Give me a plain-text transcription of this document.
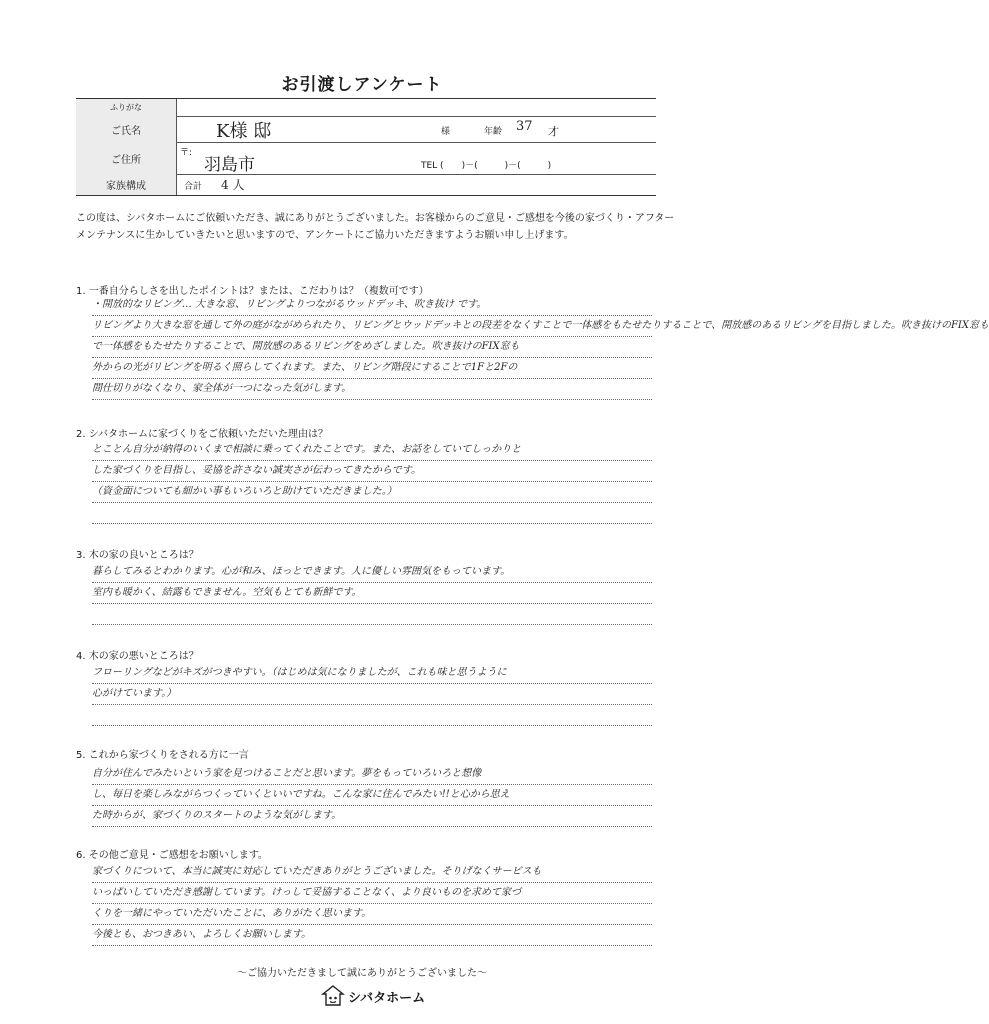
お引渡しアンケート
ふりがな
ご氏名	K様 邸	様	年齢 37 才
ご住所
〒:
羽島市	TEL (　　)－(　　　)－(　　　)
家族構成	合計 4 人
この度は、シバタホームにご依頼いただき、誠にありがとうございました。お客様からのご意見・ご感想を今後の家づくり・アフターメンテナンスに生かしていきたいと思いますので、アンケートにご協力いただきますようお願い申し上げます。
1. 一番自分らしさを出したポイントは？または、こだわりは？（複数可です）
・開放的なリビング… 大きな窓、リビングよりつながるウッドデッキ、吹き抜け です。
リビングより大きな窓を通して外の庭がながめられたり、リビングとウッドデッキとの段差をなくすことで一体感をもたせたりすることで、開放感のあるリビングを目指しました。吹き抜けのFIX窓も
で一体感をもたせたりすることで、開放感のあるリビングをめざしました。吹き抜けのFIX窓も
外からの光がリビングを明るく照らしてくれます。また、リビング階段にすることで1Fと2Fの
間仕切りがなくなり、家全体が一つになった気がします。
2. シバタホームに家づくりをご依頼いただいた理由は？
とことん自分が納得のいくまで相談に乗ってくれたことです。また、お話をしていてしっかりと
した家づくりを目指し、妥協を許さない誠実さが伝わってきたからです。
（資金面についても細かい事もいろいろと助けていただきました。）
3. 木の家の良いところは？
暮らしてみるとわかります。心が和み、ほっとできます。人に優しい雰囲気をもっています。
室内も暖かく、結露もできません。空気もとても新鮮です。
4. 木の家の悪いところは？
フローリングなどがキズがつきやすい。（はじめは気になりましたが、これも味と思うように
心がけています。）
5. これから家づくりをされる方に一言
自分が住んでみたいという家を見つけることだと思います。夢をもっていろいろと想像
し、毎日を楽しみながらつくっていくといいですね。こんな家に住んでみたい!!と心から思え
た時からが、家づくりのスタートのような気がします。
6. その他ご意見・ご感想をお願いします。
家づくりについて、本当に誠実に対応していただきありがとうございました。そりげなくサービスも
いっぱいしていただき感謝しています。けっして妥協することなく、より良いものを求めて家づ
くりを一緒にやっていただいたことに、ありがたく思います。
今後とも、おつきあい、よろしくお願いします。
～ご協力いただきまして誠にありがとうございました～
シバタホーム
